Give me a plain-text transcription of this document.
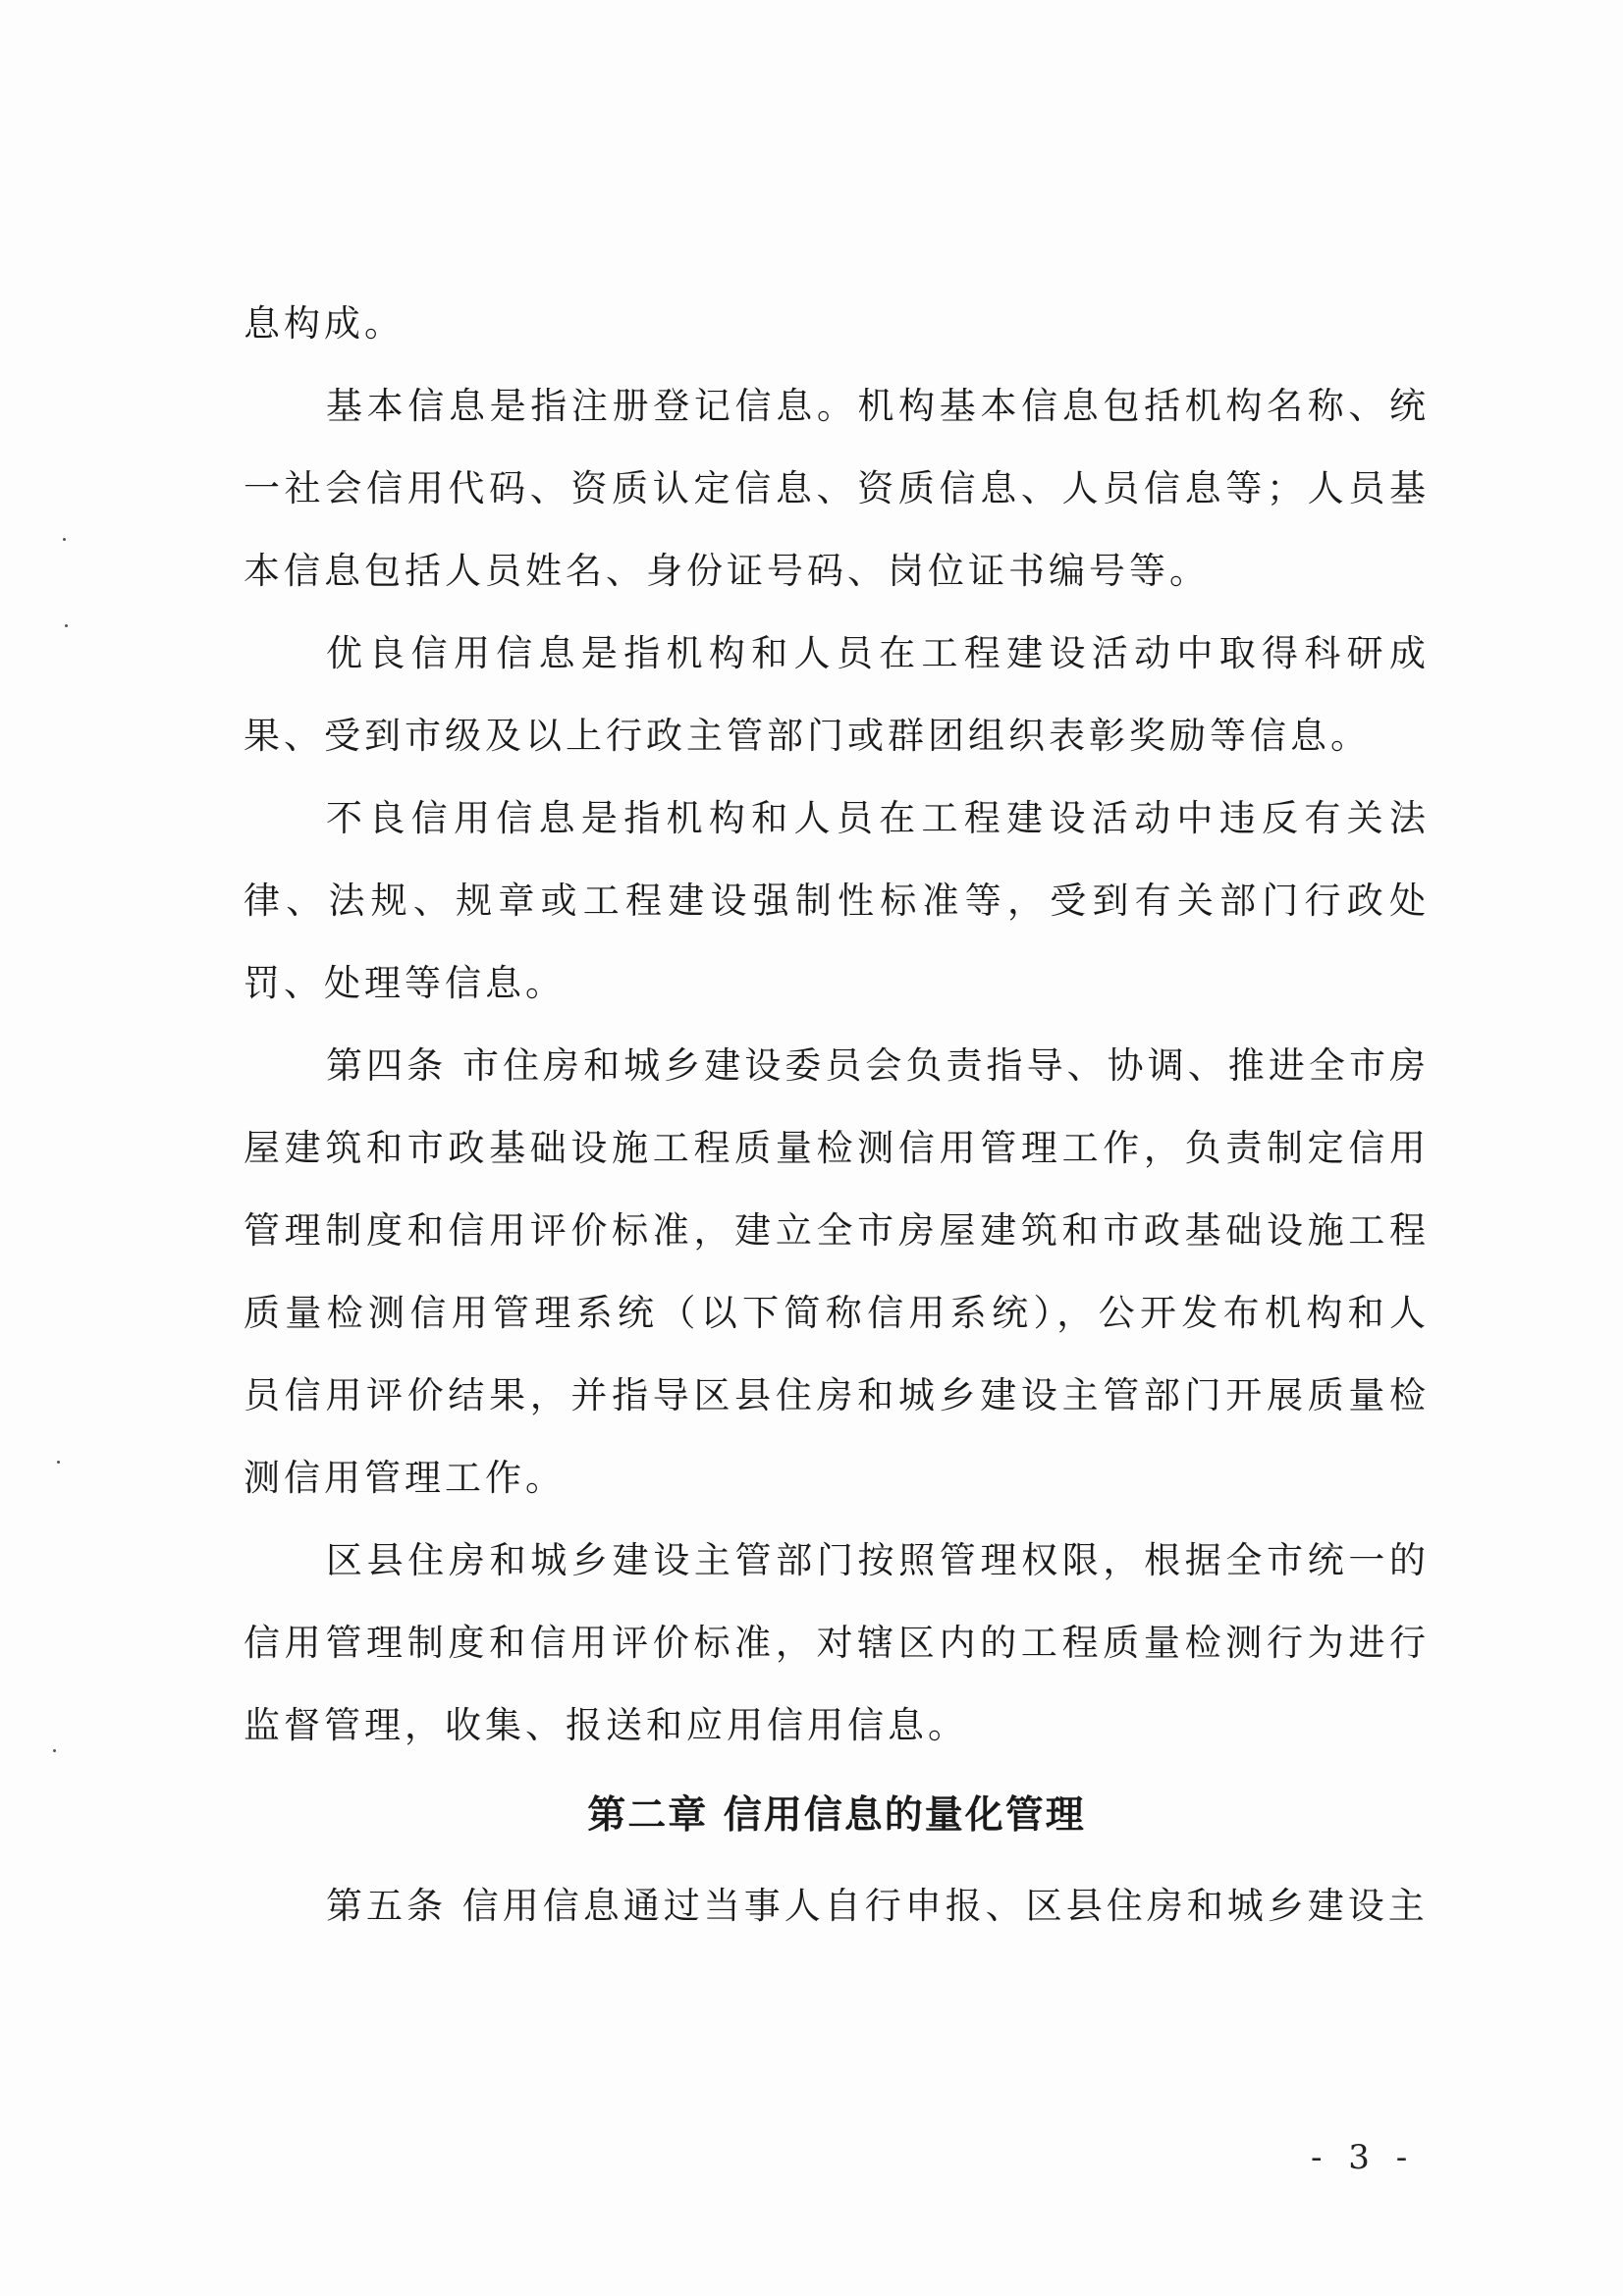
息构成。

基本信息是指注册登记信息。机构基本信息包括机构名称、统一社会信用代码、资质认定信息、资质信息、人员信息等；人员基本信息包括人员姓名、身份证号码、岗位证书编号等。

优良信用信息是指机构和人员在工程建设活动中取得科研成果、受到市级及以上行政主管部门或群团组织表彰奖励等信息。

不良信用信息是指机构和人员在工程建设活动中违反有关法律、法规、规章或工程建设强制性标准等，受到有关部门行政处罚、处理等信息。

第四条 市住房和城乡建设委员会负责指导、协调、推进全市房屋建筑和市政基础设施工程质量检测信用管理工作，负责制定信用管理制度和信用评价标准，建立全市房屋建筑和市政基础设施工程质量检测信用管理系统（以下简称信用系统），公开发布机构和人员信用评价结果，并指导区县住房和城乡建设主管部门开展质量检测信用管理工作。

区县住房和城乡建设主管部门按照管理权限，根据全市统一的信用管理制度和信用评价标准，对辖区内的工程质量检测行为进行监督管理，收集、报送和应用信用信息。

第二章 信用信息的量化管理

第五条 信用信息通过当事人自行申报、区县住房和城乡建设主

- 3 -
